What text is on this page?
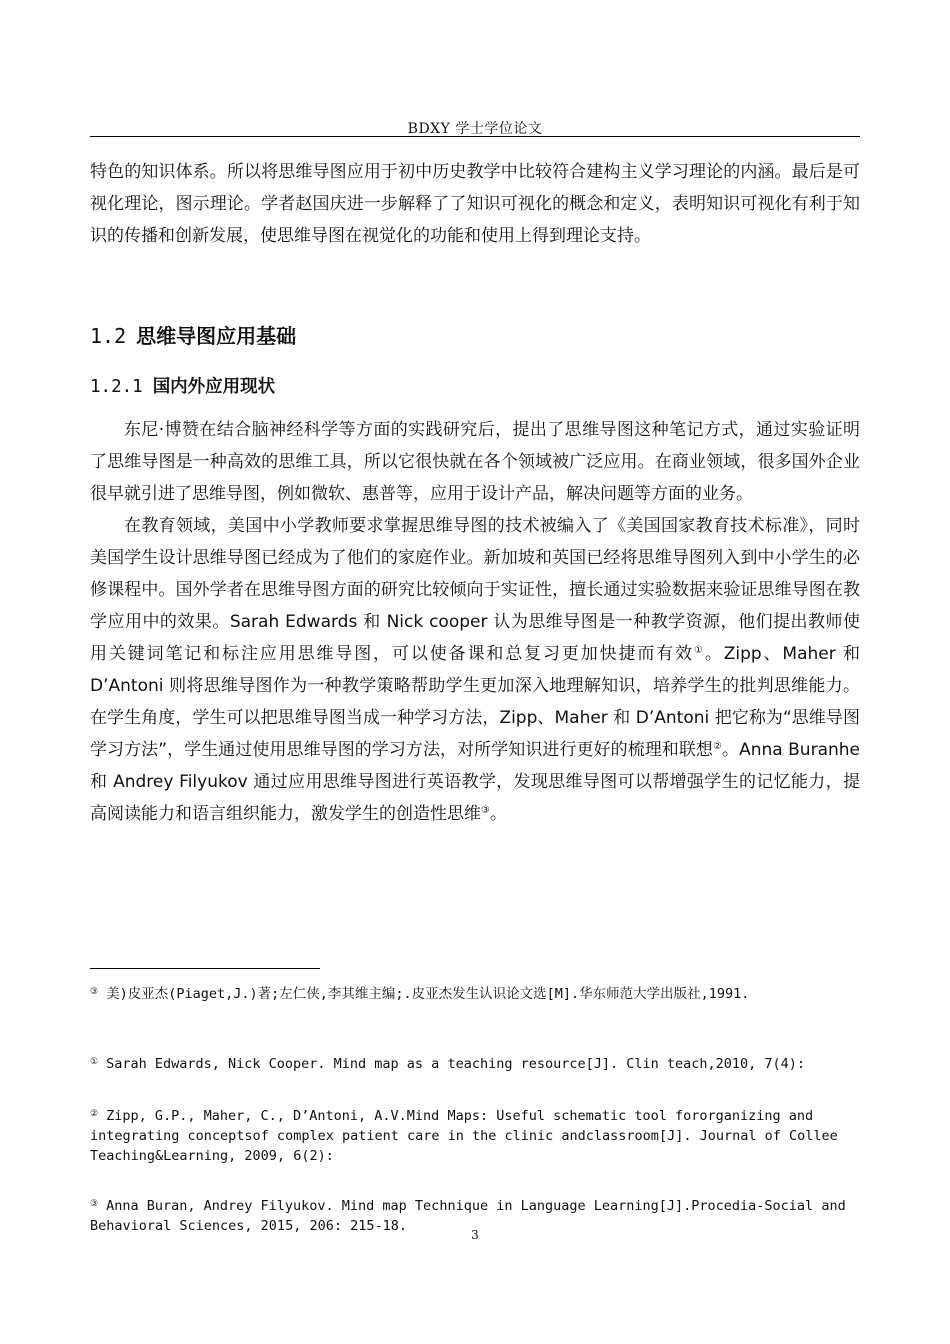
BDXY 学士学位论文

特色的知识体系。所以将思维导图应用于初中历史教学中比较符合建构主义学习理论的内涵。最后是可视化理论，图示理论。学者赵国庆进一步解释了了知识可视化的概念和定义，表明知识可视化有利于知识的传播和创新发展，使思维导图在视觉化的功能和使用上得到理论支持。

1.2 思维导图应用基础
1.2.1 国内外应用现状

东尼·博赞在结合脑神经科学等方面的实践研究后，提出了思维导图这种笔记方式，通过实验证明了思维导图是一种高效的思维工具，所以它很快就在各个领域被广泛应用。在商业领域，很多国外企业很早就引进了思维导图，例如微软、惠普等，应用于设计产品，解决问题等方面的业务。

在教育领域，美国中小学教师要求掌握思维导图的技术被编入了《美国国家教育技术标准》，同时美国学生设计思维导图已经成为了他们的家庭作业。新加坡和英国已经将思维导图列入到中小学生的必修课程中。国外学者在思维导图方面的研究比较倾向于实证性，擅长通过实验数据来验证思维导图在教学应用中的效果。Sarah Edwards 和 Nick cooper 认为思维导图是一种教学资源，他们提出教师使用关键词笔记和标注应用思维导图，可以使备课和总复习更加快捷而有效①。Zipp、Maher 和 D’Antoni 则将思维导图作为一种教学策略帮助学生更加深入地理解知识，培养学生的批判思维能力。在学生角度，学生可以把思维导图当成一种学习方法，Zipp、Maher 和 D’Antoni 把它称为“思维导图学习方法”，学生通过使用思维导图的学习方法，对所学知识进行更好的梳理和联想②。Anna Buranhe 和 Andrey Filyukov 通过应用思维导图进行英语教学，发现思维导图可以帮增强学生的记忆能力，提高阅读能力和语言组织能力，激发学生的创造性思维③。

③ 美)皮亚杰(Piaget,J.)著;左仁侠,李其维主编;.皮亚杰发生认识论文选[M].华东师范大学出版社,1991.
① Sarah Edwards, Nick Cooper. Mind map as a teaching resource[J]. Clin teach,2010, 7(4):
② Zipp, G.P., Maher, C., D’Antoni, A.V.Mind Maps: Useful schematic tool fororganizing and integrating conceptsof complex patient care in the clinic andclassroom[J]. Journal of Collee Teaching&Learning, 2009, 6(2):
③ Anna Buran, Andrey Filyukov. Mind map Technique in Language Learning[J].Procedia-Social and Behavioral Sciences, 2015, 206: 215-18.
3
